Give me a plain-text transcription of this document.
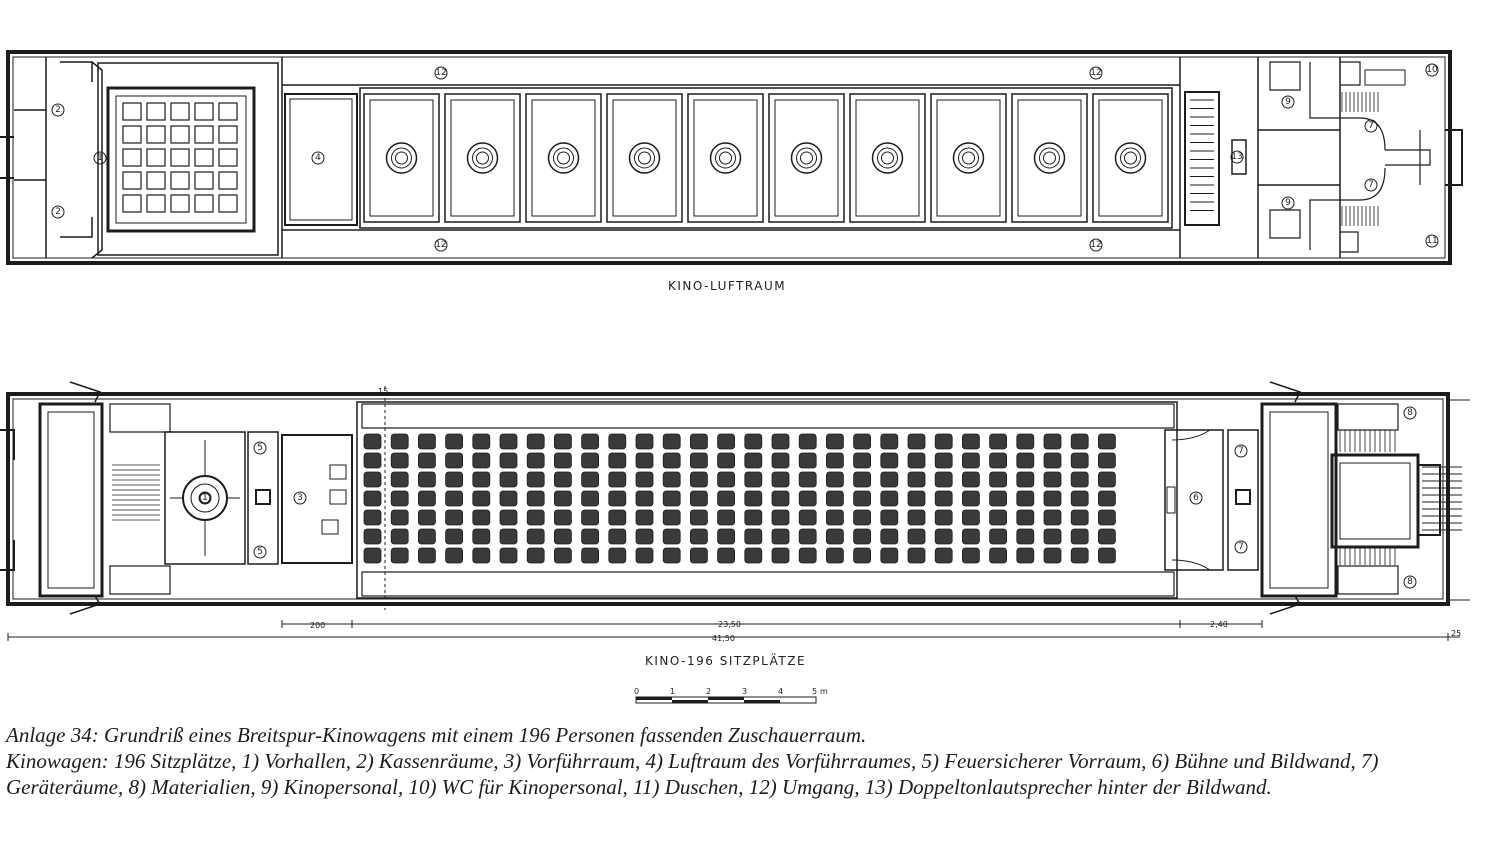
KINO-LUFTRAUM
KINO-196 SITZPLÄTZE
200	23,50	2,40
41,50
25
15
0	1	2	3	4	5 m
2
2
1	4
12	12
12	12
13
9
9
7
7
10
11
1
5
5
3	6
7
7
8
8

Anlage 34: Grundriß eines Breitspur-Kinowagens mit einem 196 Personen fassenden Zuschauerraum.

Kinowagen: 196 Sitzplätze, 1) Vorhallen, 2) Kassenräume, 3) Vorführraum, 4) Luftraum des Vorführraumes, 5) Feuersicherer Vorraum, 6) Bühne und Bildwand, 7) Geräteräume, 8) Materialien, 9) Kinopersonal, 10) WC für Kinopersonal, 11) Duschen, 12) Umgang, 13) Doppeltonlautsprecher hinter der Bildwand.
